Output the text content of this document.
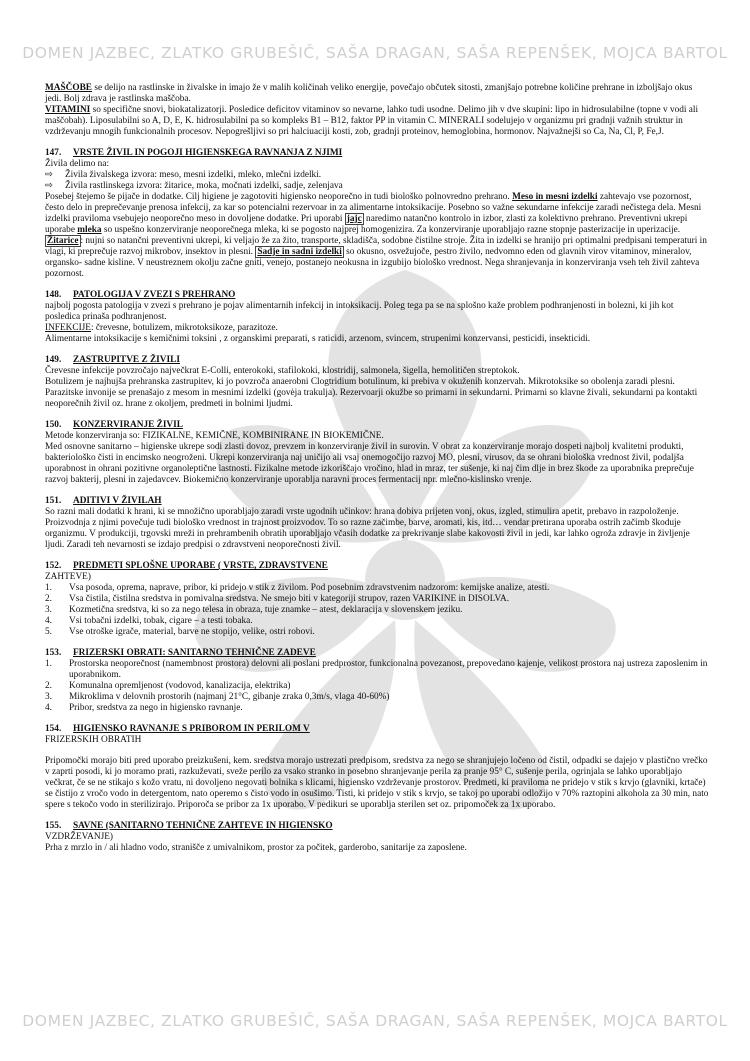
DOMEN JAZBEC, ZLATKO GRUBEŠIČ, SAŠA DRAGAN, SAŠA REPENŠEK, MOJCA BARTOL

MAŠČOBE se delijo na rastlinske in živalske in imajo že v malih količinah veliko energije, povečajo občutek sitosti, zmanjšajo potrebne količine prehrane in izboljšajo okus jedi. Bolj zdrava je rastlinska maščoba.

VITAMINI so specifične snovi, biokatalizatorji. Posledice deficitov vitaminov so nevarne, lahko tudi usodne. Delimo jih v dve skupini: lipo in hidrosulabilne (topne v vodi ali maščobah). Liposulabilni so A, D, E, K. hidrosulabilni pa so kompleks B1 – B12, faktor PP in vitamin C. MINERALI sodelujejo v organizmu pri gradnji važnih struktur in vzdrževanju mnogih funkcionalnih procesov. Nepogrešljivi so pri halciuaciji kosti, zob, gradnji proteinov, hemoglobina, hormonov. Najvažnejši so Ca, Na, Cl, P, Fe,J.

147.	VRSTE ŽIVIL IN POGOJI HIGIENSKEGA RAVNANJA Z NJIMI

Živila delimo na:

⇨	Živila živalskega izvora: meso, mesni izdelki, mleko, mlečni izdelki.
⇨	Živila rastlinskega izvora: žitarice, moka, močnati izdelki, sadje, zelenjava

Posebej štejemo še pijače in dodatke. Cilj higiene je zagotoviti higiensko neoporečno in tudi biološko polnovredno prehrano. Meso in mesni izdelki zahtevajo vse pozornost, često delo in preprečevanje prenosa infekcij, za kar so potencialni rezervoar in za alimentarne intoksikacije. Posebno so važne sekundarne infekcije zaradi nečistega dela. Mesni izdelki praviloma vsebujejo neoporečno meso in dovoljene dodatke. Pri uporabi jajc naredimo natančno kontrolo in izbor, zlasti za kolektivno prehrano. Preventivni ukrepi uporabe mleka so uspešno konzerviranje neoporečnega mleka, ki se pogosto najprej homogenizira. Za konzerviranje uporabljajo razne stopnje pasterizacije in uperizacije. Žitarice : nujni so natančni preventivni ukrepi, ki veljajo že za žito, transporte, skladišča, sodobne čistilne stroje. Žita in izdelki se hranijo pri optimalni predpisani temperaturi in vlagi, ki preprečuje razvoj mikrobov, insektov in plesni. Sadje in sadni izdelki so okusno, osvežujoče, pestro živilo, nedvomno eden od glavnih virov vitaminov, mineralov, organsko- sadne kisline. V neustreznem okolju začne gniti, venejo, postanejo neokusna in izgubijo biološko vrednost. Nega shranjevanja in konzerviranja vseh teh živil zahteva pozornost.

148.	PATOLOGIJA V ZVEZI S PREHRANO

najbolj pogosta patologija v zvezi s prehrano je pojav alimentarnih infekcij in intoksikacij. Poleg tega pa se na splošno kaže problem podhranjenosti in bolezni, ki jih kot posledica prinaša podhranjenost.

INFEKCIJE: črevesne, botulizem, mikrotoksikoze, parazitoze.

Alimentarne intoksikacije s kemičnimi toksini , z organskimi preparati, s raticidi, arzenom, svincem, strupenimi konzervansi, pesticidi, insekticidi.

149.	ZASTRUPITVE Z ŽIVILI

Črevesne infekcije povzročajo največkrat E-Colli, enterokoki, stafilokoki, klostridij, salmonela, šigella, hemolitičen streptokok.

Botulizem je najhujša prehranska zastrupitev, ki jo povzroča anaerobni Clogtridium botulinum, ki prebiva v okuženih konzervah. Mikrotoksike so obolenja zaradi plesni. Parazitske invonije se prenašajo z mesom in mesnimi izdelki (govėja trakulja). Rezervoarji okužbe so primarni in sekundarni. Primarni so klavne živali, sekundarni pa kontakti neoporečnih živil oz. hrane z okoljem, predmeti in bolnimi ljudmi.

150.	KONZERVIRANJE ŽIVIL

Metode konzerviranja so: FIZIKALNE, KEMIČNE, KOMBINIRANE IN BIOKEMIČNE.

Med osnovne sanitarno – higienske ukrepe sodi zlasti dovoz, prevzem in konzerviranje živil in surovin. V obrat za konzerviranje morajo dospeti najbolj kvalitetni produkti, bakteriološko čisti in encimsko neogroženi. Ukrepi konzerviranja naj uničijo ali vsaj onemogočijo razvoj MO, plesni, virusov, da se ohrani biološka vrednost živil, podaljša uporabnost in ohrani pozitivne organoleptične lastnosti. Fizikalne metode izkoriščajo vročino, hlad in mraz, ter sušenje, ki naj čim dlje in brez škode za uporabnika preprečuje razvoj bakterij, plesni in zajedavcev. Biokemično konzerviranje uporablja naravni proces fermentacij npr. mlečno-kislinsko vrenje.

151.	ADITIVI V ŽIVILAH

So razni mali dodatki k hrani, ki se množično uporabljajo zaradi vrste ugodnih učinkov: hrana dobiva prijeten vonj, okus, izgled, stimulira apetit, prebavo in razpoloženje. Proizvodnja z njimi povečuje tudi biološko vrednost in trajnost proizvodov. To so razne začimbe, barve, aromati, kis, itd… vendar pretirana uporaba ostrih začimb škoduje organizmu. V produkciji, trgovski mreži in prehrambenih obratih uporabljajo včasih dodatke za prekrivanje slabe kakovosti živil in jedi, kar lahko ogroža zdravje in življenje ljudi. Zaradi teh nevarnosti se izdajo predpisi o zdravstveni neoporečnosti živil.

152.	PREDMETI SPLOŠNE UPORABE ( VRSTE, ZDRAVSTVENE
ZAHTEVE)
1.	Vsa posoda, oprema, naprave, pribor, ki pridejo v stik z živilom. Pod posebnim zdravstvenim nadzorom: kemijske analize, atesti.
2.	Vsa čistila, čistilna sredstva in pomivalna sredstva. Ne smejo biti v kategoriji strupov, razen VARIKINE in DISOLVA.
3.	Kozmetična sredstva, ki so za nego telesa in obraza, tuje znamke – atest, deklaracija v slovenskem jeziku.
4.	Vsi tobačni izdelki, tobak, cigare – a testi tobaka.
5.	Vse otroške igrače, material, barve ne stopijo, velike, ostri robovi.
153.	FRIZERSKI OBRATI: SANITARNO TEHNIČNE ZADEVE
1.	Prostorska neoporečnost (namembnost prostora) delovni ali poslani predprostor, funkcionalna povezanost, prepovedano kajenje, velikost prostora naj ustreza zaposlenim in uporabnikom.
2.	Komunalna opremljenost (vodovod, kanalizacija, elektrika)
3.	Mikroklima v delovnih prostorih (najmanj 21°C, gibanje zraka 0,3m/s, vlaga 40-60%)
4.	Pribor, sredstva za nego in higiensko ravnanje.
154.	HIGIENSKO RAVNANJE S PRIBOROM IN PERILOM V
FRIZERSKIH OBRATIH

Pripomočki morajo biti pred uporabo preizkušeni, kem. sredstva morajo ustrezati predpisom, sredstva za nego se shranjujejo ločeno od čistil, odpadki se dajejo v plastično vrečko v zaprti posodi, ki jo moramo prati, razkuževati, sveže perilo za vsako stranko in posebno shranjevanje perila za pranje 95° C, sušenje perila, ogrinjala se lahko uporabljajo večkrat, če se ne stikajo s kožo vratu, ni dovoljeno negovati bolnika s klicami, higiensko vzdrževanje prostorov. Predmeti, ki praviloma ne pridejo v stik s krvjo (glavniki, krtače) se čistijo z vročo vodo in detergentom, nato operemo s čisto vodo in osušimo. Tisti, ki pridejo v stik s krvjo, se takoj po uporabi odložijo v 70% raztopini alkohola za 30 min, nato spere s tekočo vodo in sterilizirajo. Priporoča se pribor za 1x uporabo. V pedikuri se uporablja sterilen set oz. pripomoček za 1x uporabo.

155.	SAVNE (SANITARNO TEHNIČNE ZAHTEVE IN HIGIENSKO
VZDRŽEVANJE)

Prha z mrzlo in / ali hladno vodo, straniščе z umivalnikom, prostor za počitek, garderobo, sanitarije za zaposlene.

DOMEN JAZBEC, ZLATKO GRUBEŠIČ, SAŠA DRAGAN, SAŠA REPENŠEK, MOJCA BARTOL
